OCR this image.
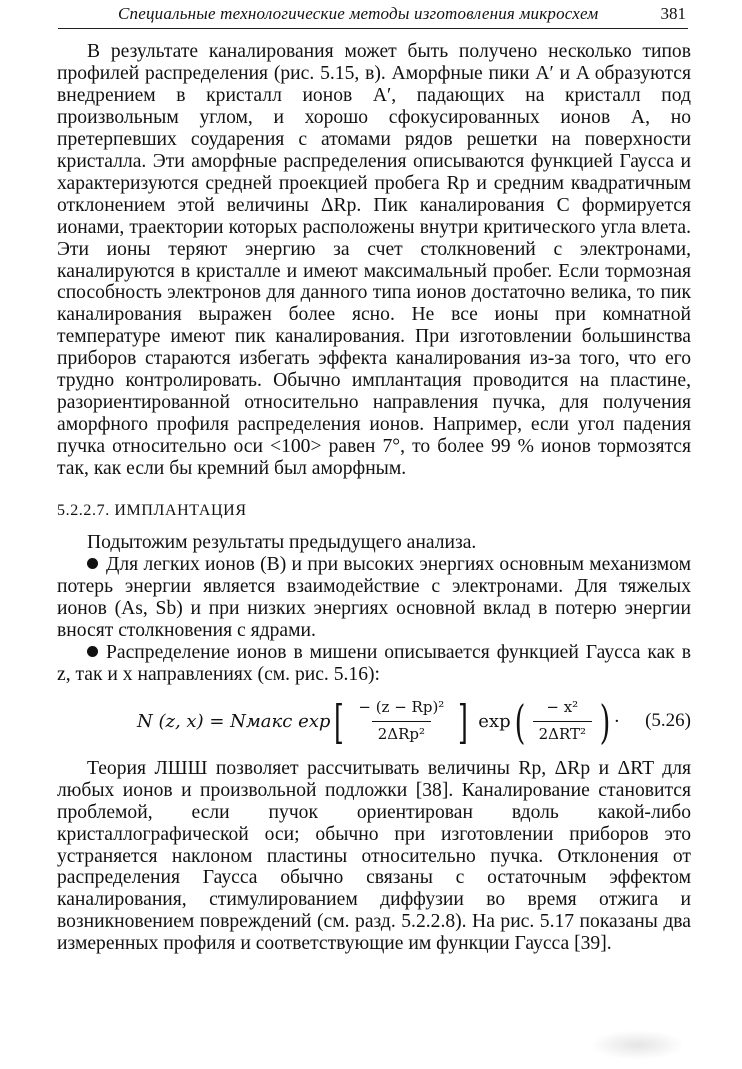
Специальные технологические методы изготовления микросхем	381

В результате каналирования может быть получено несколько типов профилей распределения (рис. 5.15, в). Аморфные пики A′ и A образуются внедрением в кристалл ионов A′, падающих на кристалл под произвольным углом, и хорошо сфокусированных ионов A, но претерпевших соударения с атомами рядов решетки на поверхности кристалла. Эти аморфные распределения описываются функцией Гаусса и характеризуются средней проекцией пробега Rp и средним квадратичным отклонением этой величины ΔRp. Пик каналирования C формируется ионами, траектории которых расположены внутри критического угла влета. Эти ионы теряют энергию за счет столкновений с электронами, каналируются в кристалле и имеют максимальный пробег. Если тормозная способность электронов для данного типа ионов достаточно велика, то пик каналирования выражен более ясно. Не все ионы при комнатной температуре имеют пик каналирования. При изготовлении большинства приборов стараются избегать эффекта каналирования из-за того, что его трудно контролировать. Обычно имплантация проводится на пластине, разориентированной относительно направления пучка, для получения аморфного профиля распределения ионов. Например, если угол падения пучка относительно оси <100> равен 7°, то более 99 % ионов тормозятся так, как если бы кремний был аморфным.

5.2.2.7. ИМПЛАНТАЦИЯ

Подытожим результаты предыдущего анализа.

Для легких ионов (B) и при высоких энергиях основным механизмом потерь энергии является взаимодействие с электронами. Для тяжелых ионов (As, Sb) и при низких энергиях основной вклад в потерю энергии вносят столкновения с ядрами.

Распределение ионов в мишени описывается функцией Гаусса как в z, так и x направлениях (см. рис. 5.16):

N (z, x) = Nмакс exp [ $\frac{\text{− (z − Rp)²}}{\text{2ΔRp²}}$ ] exp ( $\frac{\text{− x²}}{\text{2ΔRT²}}$ ) · (5.26)

Теория ЛШШ позволяет рассчитывать величины Rp, ΔRp и ΔRT для любых ионов и произвольной подложки [38]. Каналирование становится проблемой, если пучок ориентирован вдоль какой-либо кристаллографической оси; обычно при изготовлении приборов это устраняется наклоном пластины относительно пучка. Отклонения от распределения Гаусса обычно связаны с остаточным эффектом каналирования, стимулированием диффузии во время отжига и возникновением повреждений (см. разд. 5.2.2.8). На рис. 5.17 показаны два измеренных профиля и соответствующие им функции Гаусса [39].
